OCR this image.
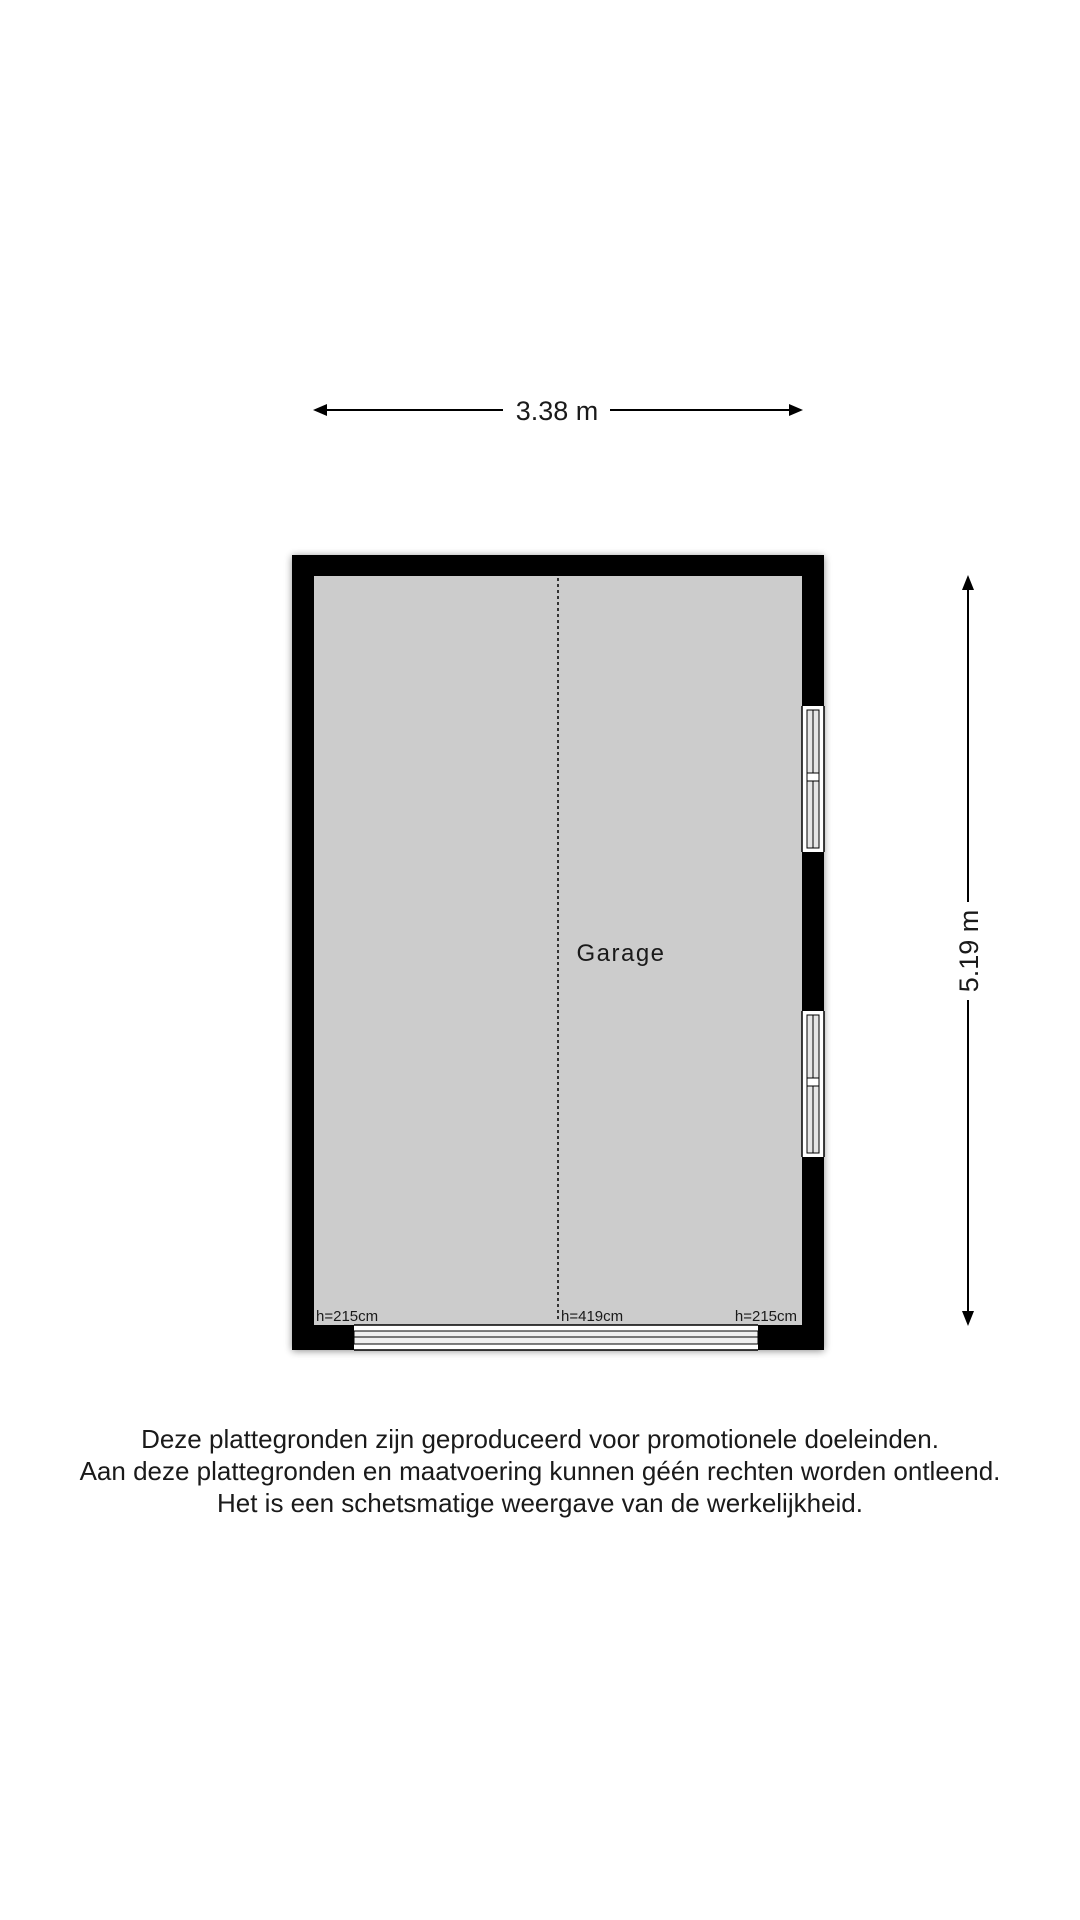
3.38 m
5.19 m
Garage
h=215cm	h=419cm	h=215cm
Deze plattegronden zijn geproduceerd voor promotionele doeleinden.
Aan deze plattegronden en maatvoering kunnen géén rechten worden ontleend.
Het is een schetsmatige weergave van de werkelijkheid.
